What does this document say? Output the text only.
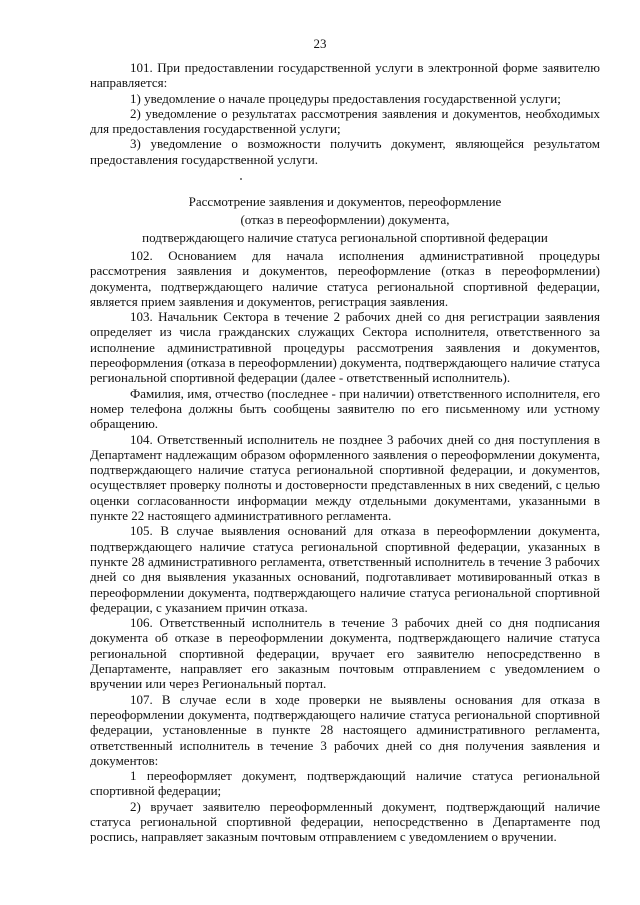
23

101. При предоставлении государственной услуги в электронной форме заявителю направляется:

1) уведомление о начале процедуры предоставления государственной услуги;

2) уведомление о результатах рассмотрения заявления и документов, необходимых для предоставления государственной услуги;

3) уведомление о возможности получить документ, являющейся результатом предоставления государственной услуги.

Рассмотрение заявления и документов, переоформление
(отказ в переоформлении) документа,
подтверждающего наличие статуса региональной спортивной федерации

102. Основанием для начала исполнения административной процедуры рассмотрения заявления и документов, переоформление (отказ в переоформлении) документа, подтверждающего наличие статуса региональной спортивной федерации, является прием заявления и документов, регистрация заявления.

103. Начальник Сектора в течение 2 рабочих дней со дня регистрации заявления определяет из числа гражданских служащих Сектора исполнителя, ответственного за исполнение административной процедуры рассмотрения заявления и документов, переоформления (отказа в переоформлении) документа, подтверждающего наличие статуса региональной спортивной федерации (далее - ответственный исполнитель).

Фамилия, имя, отчество (последнее - при наличии) ответственного исполнителя, его номер телефона должны быть сообщены заявителю по его письменному или устному обращению.

104. Ответственный исполнитель не позднее 3 рабочих дней со дня поступления в Департамент надлежащим образом оформленного заявления о переоформлении документа, подтверждающего наличие статуса региональной спортивной федерации, и документов, осуществляет проверку полноты и достоверности представленных в них сведений, с целью оценки согласованности информации между отдельными документами, указанными в пункте 22 настоящего административного регламента.

105. В случае выявления оснований для отказа в переоформлении документа, подтверждающего наличие статуса региональной спортивной федерации, указанных в пункте 28 административного регламента, ответственный исполнитель в течение 3 рабочих дней со дня выявления указанных оснований, подготавливает мотивированный отказ в переоформлении документа, подтверждающего наличие статуса региональной спортивной федерации, с указанием причин отказа.

106. Ответственный исполнитель в течение 3 рабочих дней со дня подписания документа об отказе в переоформлении документа, подтверждающего наличие статуса региональной спортивной федерации, вручает его заявителю непосредственно в Департаменте, направляет его заказным почтовым отправлением с уведомлением о вручении или через Региональный портал.

107. В случае если в ходе проверки не выявлены основания для отказа в переоформлении документа, подтверждающего наличие статуса региональной спортивной федерации, установленные в пункте 28 настоящего административного регламента, ответственный исполнитель в течение 3 рабочих дней со дня получения заявления и документов:

1 переоформляет документ, подтверждающий наличие статуса региональной спортивной федерации;

2) вручает заявителю переоформленный документ, подтверждающий наличие статуса региональной спортивной федерации, непосредственно в Департаменте под роспись, направляет заказным почтовым отправлением с уведомлением о вручении.
